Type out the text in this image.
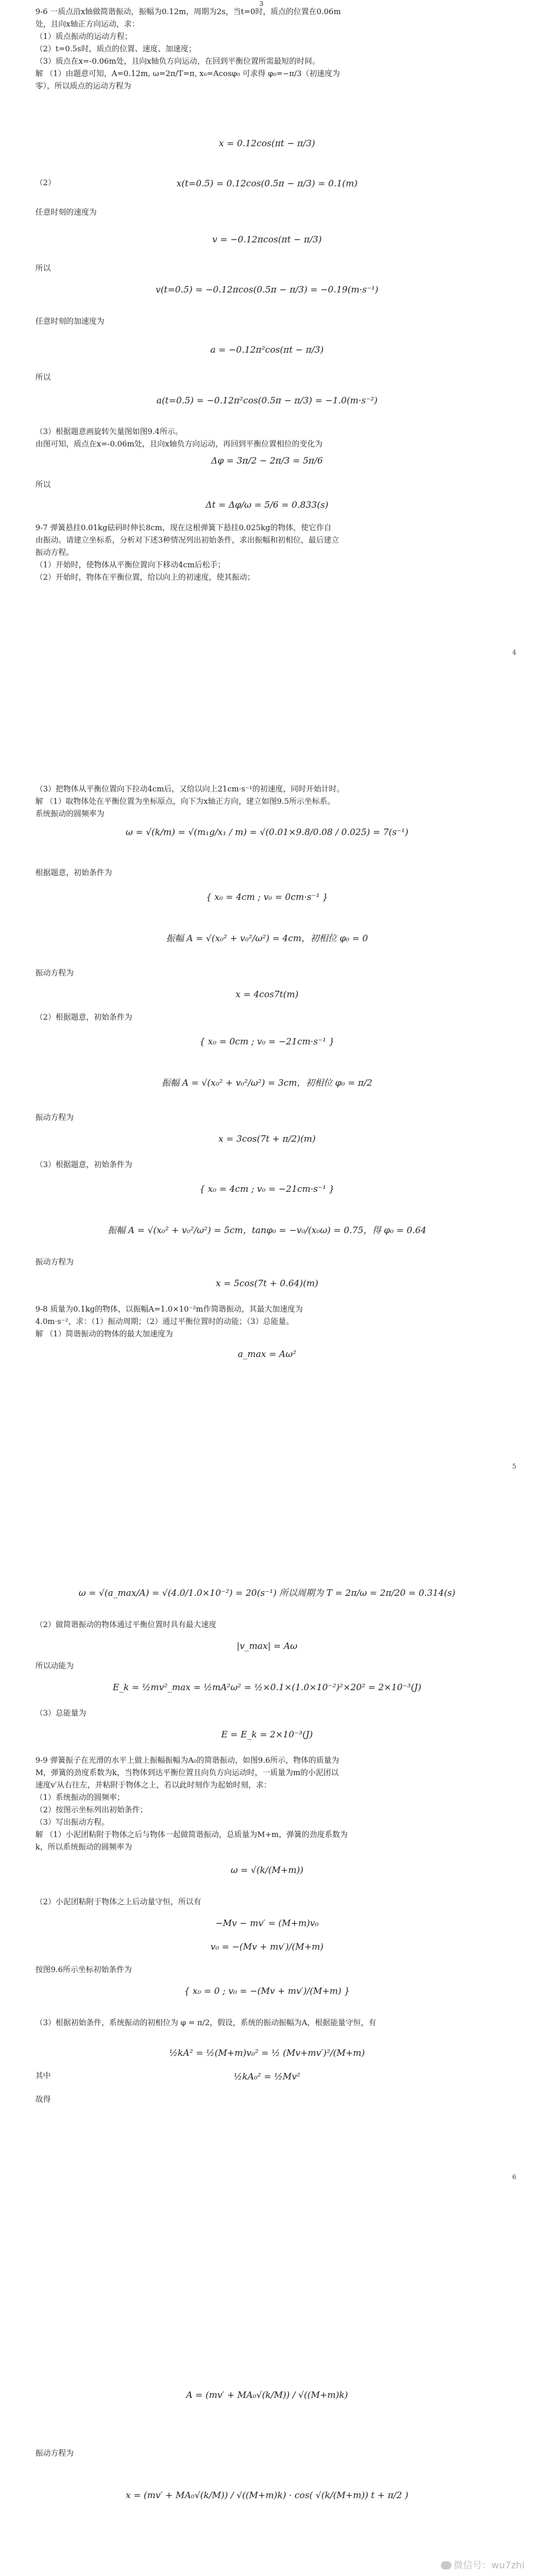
3
9-6 一质点沿x轴做简谐振动，振幅为0.12m，周期为2s，当t=0时，质点的位置在0.06m
处，且向x轴正方向运动，求：
（1）质点振动的运动方程；
（2）t=0.5s时，质点的位置、速度、加速度；
（3）质点在x=-0.06m处，且向x轴负方向运动，在回到平衡位置所需最短的时间。
解 （1）由题意可知，A=0.12m, ω=2π/T=π, x₀=Acosφ₀ 可求得 φ₀=−π/3（初速度为
零），所以质点的运动方程为
x = 0.12cos(πt − π/3)
（2）	x(t=0.5) = 0.12cos(0.5π − π/3) = 0.1(m)
任意时刻的速度为
v = −0.12πcos(πt − π/3)
所以
v(t=0.5) = −0.12πcos(0.5π − π/3) = −0.19(m·s⁻¹)
任意时刻的加速度为
a = −0.12π²cos(πt − π/3)
所以
a(t=0.5) = −0.12π²cos(0.5π − π/3) = −1.0(m·s⁻²)
（3）根据题意画旋转矢量图如图9.4所示。
由图可知，质点在x=-0.06m处，且向x轴负方向运动，再回到平衡位置相位的变化为
Δφ = 3π/2 − 2π/3 = 5π/6
所以
Δt = Δφ/ω = 5/6 = 0.833(s)
9-7 弹簧悬挂0.01kg砝码时伸长8cm，现在这根弹簧下悬挂0.025kg的物体，使它作自
由振动。请建立坐标系，分析对下述3种情况列出初始条件，求出振幅和初相位，最后建立
振动方程。
（1）开始时，使物体从平衡位置向下移动4cm后松手；
（2）开始时，物体在平衡位置，给以向上的初速度，使其振动；
4
（3）把物体从平衡位置向下拉动4cm后，又给以向上21cm·s⁻¹的初速度，同时开始计时。
解 （1）取物体处在平衡位置为坐标原点，向下为x轴正方向，建立如图9.5所示坐标系。
系统振动的圆频率为
ω = √(k/m) = √(m₁g/x₁ / m) = √(0.01×9.8/0.08 / 0.025) = 7(s⁻¹)
根据题意，初始条件为
{ x₀ = 4cm ; v₀ = 0cm·s⁻¹ }
振幅 A = √(x₀² + v₀²/ω²) = 4cm，初相位 φ₀ = 0
振动方程为
x = 4cos7t(m)
（2）根据题意，初始条件为
{ x₀ = 0cm ; v₀ = −21cm·s⁻¹ }
振幅 A = √(x₀² + v₀²/ω²) = 3cm，初相位 φ₀ = π/2
振动方程为
x = 3cos(7t + π/2)(m)
（3）根据题意，初始条件为
{ x₀ = 4cm ; v₀ = −21cm·s⁻¹ }
振幅 A = √(x₀² + v₀²/ω²) = 5cm，tanφ₀ = −v₀/(x₀ω) = 0.75，得 φ₀ = 0.64
振动方程为
x = 5cos(7t + 0.64)(m)
9-8 质量为0.1kg的物体，以振幅A=1.0×10⁻²m作简谐振动，其最大加速度为
4.0m·s⁻²，求：（1）振动周期；（2）通过平衡位置时的动能；（3）总能量。
解 （1）简谐振动的物体的最大加速度为
a_max = Aω²
5
ω = √(a_max/A) = √(4.0/1.0×10⁻²) = 20(s⁻¹) 所以周期为 T = 2π/ω = 2π/20 = 0.314(s)
（2）做简谐振动的物体通过平衡位置时具有最大速度
|v_max| = Aω
所以动能为
E_k = ½mv²_max = ½mA²ω² = ½×0.1×(1.0×10⁻²)²×20² = 2×10⁻³(J)
（3）总能量为
E = E_k = 2×10⁻³(J)
9-9 弹簧振子在光滑的水平上做上振幅振幅为A₀的简谐振动，如图9.6所示，物体的质量为
M，弹簧的劲度系数为k，当物体到达平衡位置且向负方向运动时，一质量为m的小泥团以
速度v′从右往左，并粘附于物体之上，若以此时刻作为起始时刻，求：
（1）系统振动的圆频率；
（2）按图示坐标列出初始条件；
（3）写出振动方程。
解 （1）小泥团粘附于物体之后与物体一起做简谐振动，总质量为M+m，弹簧的劲度系数为
k，所以系统振动的圆频率为
ω = √(k/(M+m))
（2）小泥团粘附于物体之上后动量守恒，所以有
−Mv − mv′ = (M+m)v₀
v₀ = −(Mv + mv′)/(M+m)
按图9.6所示坐标初始条件为
{ x₀ = 0 ; v₀ = −(Mv + mv′)/(M+m) }
（3）根据初始条件，系统振动的初相位为 φ = π/2，假设，系统的振动振幅为A，根据能量守恒，有
½kA² = ½(M+m)v₀² = ½ (Mv+mv′)²/(M+m)
其中	½kA₀² = ½Mv²
故得
6
A = (mv′ + MA₀√(k/M)) / √((M+m)k)
振动方程为
x = (mv′ + MA₀√(k/M)) / √((M+m)k) · cos( √(k/(M+m)) t + π/2 )
微信号：wu7zhi
